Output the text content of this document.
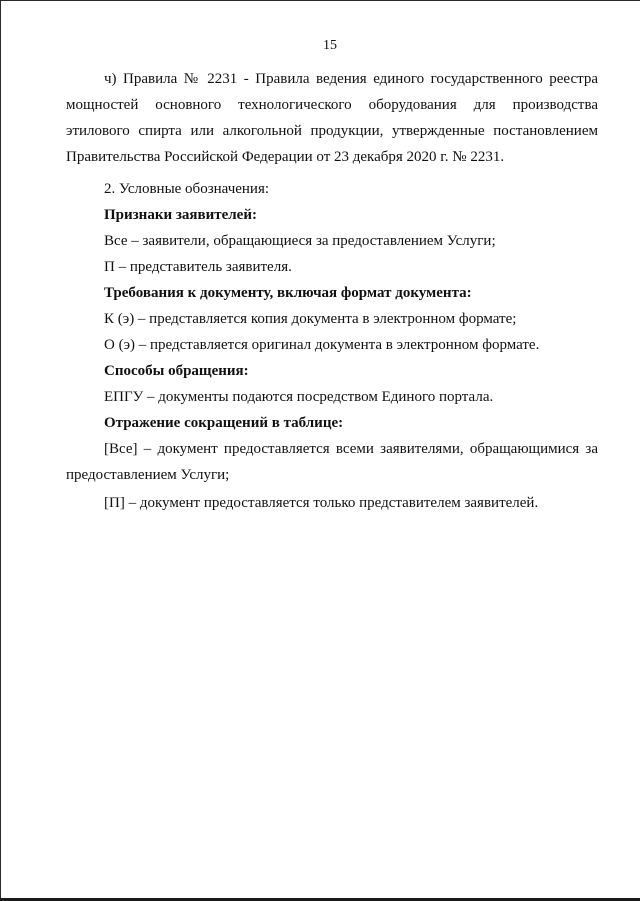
15

ч) Правила № 2231 - Правила ведения единого государственного реестра мощностей основного технологического оборудования для производства этилового спирта или алкогольной продукции, утвержденные постановлением Правительства Российской Федерации от 23 декабря 2020 г. № 2231.

2. Условные обозначения:

Признаки заявителей:

Все – заявители, обращающиеся за предоставлением Услуги;

П – представитель заявителя.

Требования к документу, включая формат документа:

К (э) – представляется копия документа в электронном формате;

О (э) – представляется оригинал документа в электронном формате.

Способы обращения:

ЕПГУ – документы подаются посредством Единого портала.

Отражение сокращений в таблице:

[Все] – документ предоставляется всеми заявителями, обращающимися за предоставлением Услуги;

[П] – документ предоставляется только представителем заявителей.
